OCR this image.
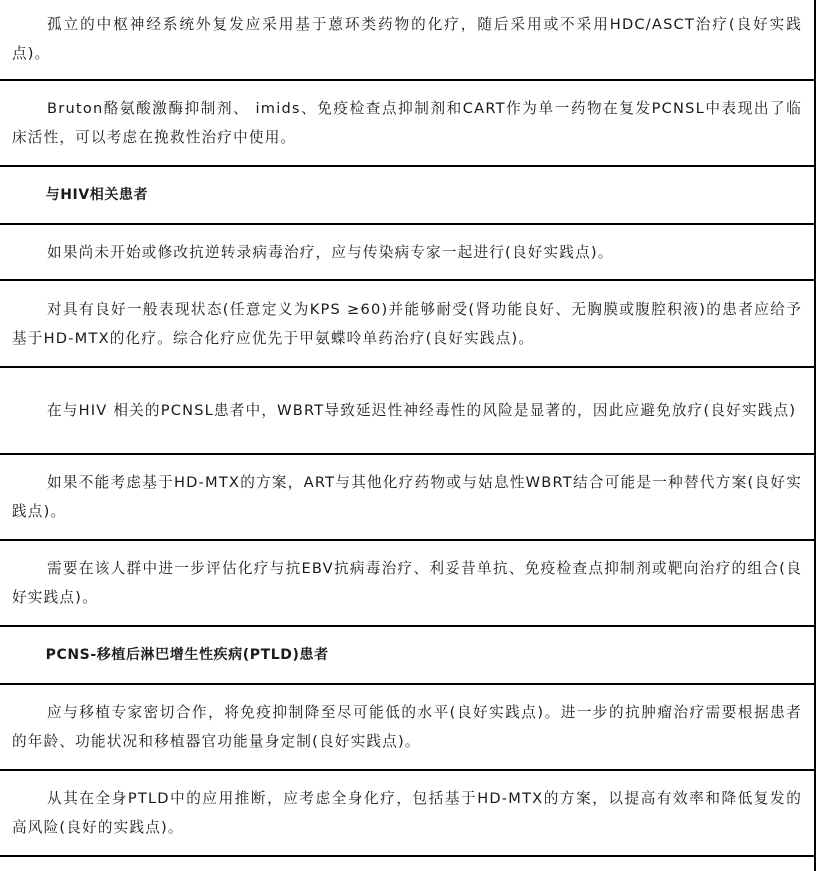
孤立的中枢神经系统外复发应采用基于蒽环类药物的化疗，随后采用或不采用HDC/ASCT治疗(良好实践点)。

Bruton酪氨酸激酶抑制剂、 imids、免疫检查点抑制剂和CART作为单一药物在复发PCNSL中表现出了临床活性，可以考虑在挽救性治疗中使用。

与HIV相关患者

如果尚未开始或修改抗逆转录病毒治疗，应与传染病专家一起进行(良好实践点)。

对具有良好一般表现状态(任意定义为KPS ≥60)并能够耐受(肾功能良好、无胸膜或腹腔积液)的患者应给予基于HD-MTX的化疗。综合化疗应优先于甲氨蝶呤单药治疗(良好实践点)。

在与HIV 相关的PCNSL患者中，WBRT导致延迟性神经毒性的风险是显著的，因此应避免放疗(良好实践点)

如果不能考虑基于HD-MTX的方案，ART与其他化疗药物或与姑息性WBRT结合可能是一种替代方案(良好实践点)。

需要在该人群中进一步评估化疗与抗EBV抗病毒治疗、利妥昔单抗、免疫检查点抑制剂或靶向治疗的组合(良好实践点)。

PCNS-移植后淋巴增生性疾病(PTLD)患者

应与移植专家密切合作，将免疫抑制降至尽可能低的水平(良好实践点)。进一步的抗肿瘤治疗需要根据患者的年龄、功能状况和移植器官功能量身定制(良好实践点)。

从其在全身PTLD中的应用推断，应考虑全身化疗，包括基于HD-MTX的方案，以提高有效率和降低复发的高风险(良好的实践点)。
